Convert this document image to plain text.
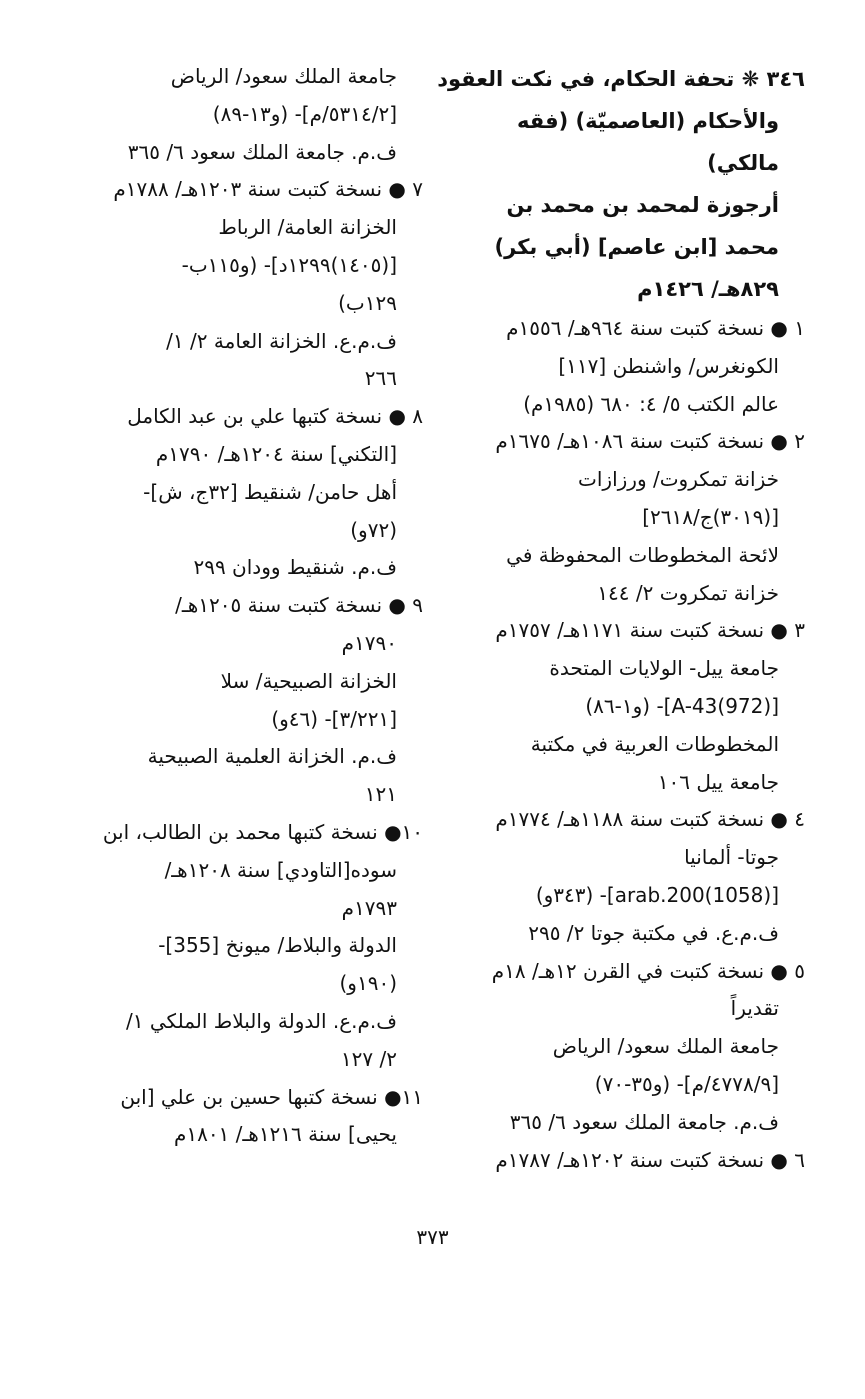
٣٤٦ ❋ تحفة الحكام، في نكت العقود
والأحكام (العاصميّة) (فقه
مالكي)
أرجوزة لمحمد بن محمد بن
محمد [ابن عاصم] (أبي بكر)
٨٢٩هـ/ ١٤٢٦م
١ ● نسخة كتبت سنة ٩٦٤هـ/ ١٥٥٦م
الكونغرس/ واشنطن [١١٧]
عالم الكتب ٥/ ٤: ٦٨٠ (١٩٨٥م)
٢ ● نسخة كتبت سنة ١٠٨٦هـ/ ١٦٧٥م
خزانة تمكروت/ ورزازات
[(٣٠١٩)ج/٢٦١٨]
لائحة المخطوطات المحفوظة في
خزانة تمكروت ٢/ ١٤٤
٣ ● نسخة كتبت سنة ١١٧١هـ/ ١٧٥٧م
جامعة ييل- الولايات المتحدة
[(972)A-43]- (و١-٨٦)
المخطوطات العربية في مكتبة
جامعة ييل ١٠٦
٤ ● نسخة كتبت سنة ١١٨٨هـ/ ١٧٧٤م
جوتا- ألمانيا
[(1058)arab.200]- (٣٤٣و)
ف.م.ع. في مكتبة جوتا ٢/ ٢٩٥
٥ ● نسخة كتبت في القرن ١٢هـ/ ١٨م
تقديراً
جامعة الملك سعود/ الرياض
[٤٧٧٨/٩/م]- (و٣٥-٧٠)
ف.م. جامعة الملك سعود ٦/ ٣٦٥
٦ ● نسخة كتبت سنة ١٢٠٢هـ/ ١٧٨٧م
جامعة الملك سعود/ الرياض
[٥٣١٤/٢/م]- (و١٣-٨٩)
ف.م. جامعة الملك سعود ٦/ ٣٦٥
٧ ● نسخة كتبت سنة ١٢٠٣هـ/ ١٧٨٨م
الخزانة العامة/ الرباط
[(١٤٠٥)١٢٩٩د]- (و١١٥ب-
١٢٩ب)
ف.م.ع. الخزانة العامة ٢/ ١/
٢٦٦
٨ ● نسخة كتبها علي بن عبد الكامل
[التكني] سنة ١٢٠٤هـ/ ١٧٩٠م
أهل حامن/ شنقيط [٣٢ج، ش]-
(٧٢و)
ف.م. شنقيط وودان ٢٩٩
٩ ● نسخة كتبت سنة ١٢٠٥هـ/
١٧٩٠م
الخزانة الصبيحية/ سلا
[٣/٢٢١]- (٤٦و)
ف.م. الخزانة العلمية الصبيحية
١٢١
١٠● نسخة كتبها محمد بن الطالب، ابن
سوده[التاودي] سنة ١٢٠٨هـ/
١٧٩٣م
الدولة والبلاط/ ميونخ [355]-
(١٩٠و)
ف.م.ع. الدولة والبلاط الملكي ١/
٢/ ١٢٧
١١● نسخة كتبها حسين بن علي [ابن
يحيى] سنة ١٢١٦هـ/ ١٨٠١م
٣٧٣
